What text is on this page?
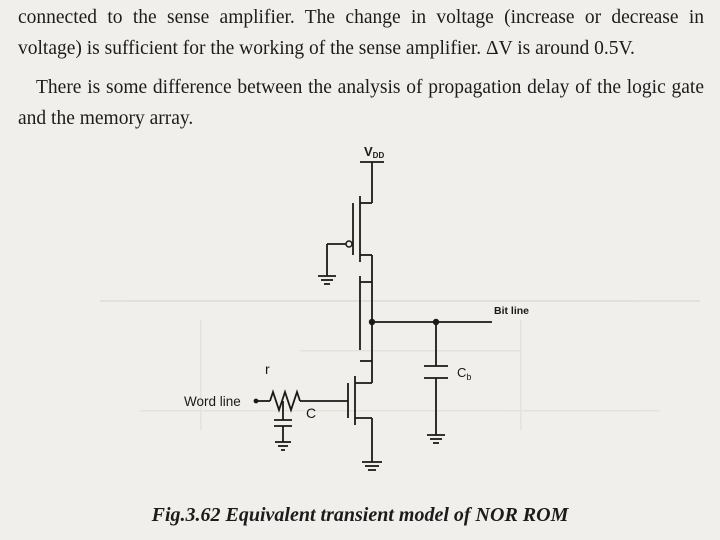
connected to the sense amplifier. The change in voltage (increase or decrease in voltage) is sufficient for the working of the sense amplifier. ΔV is around 0.5V.

There is some difference between the analysis of propagation delay of the logic gate and the memory array.

VDD
Bit line
r	$C_b$
Word line
C
Fig.3.62 Equivalent transient model of NOR ROM
